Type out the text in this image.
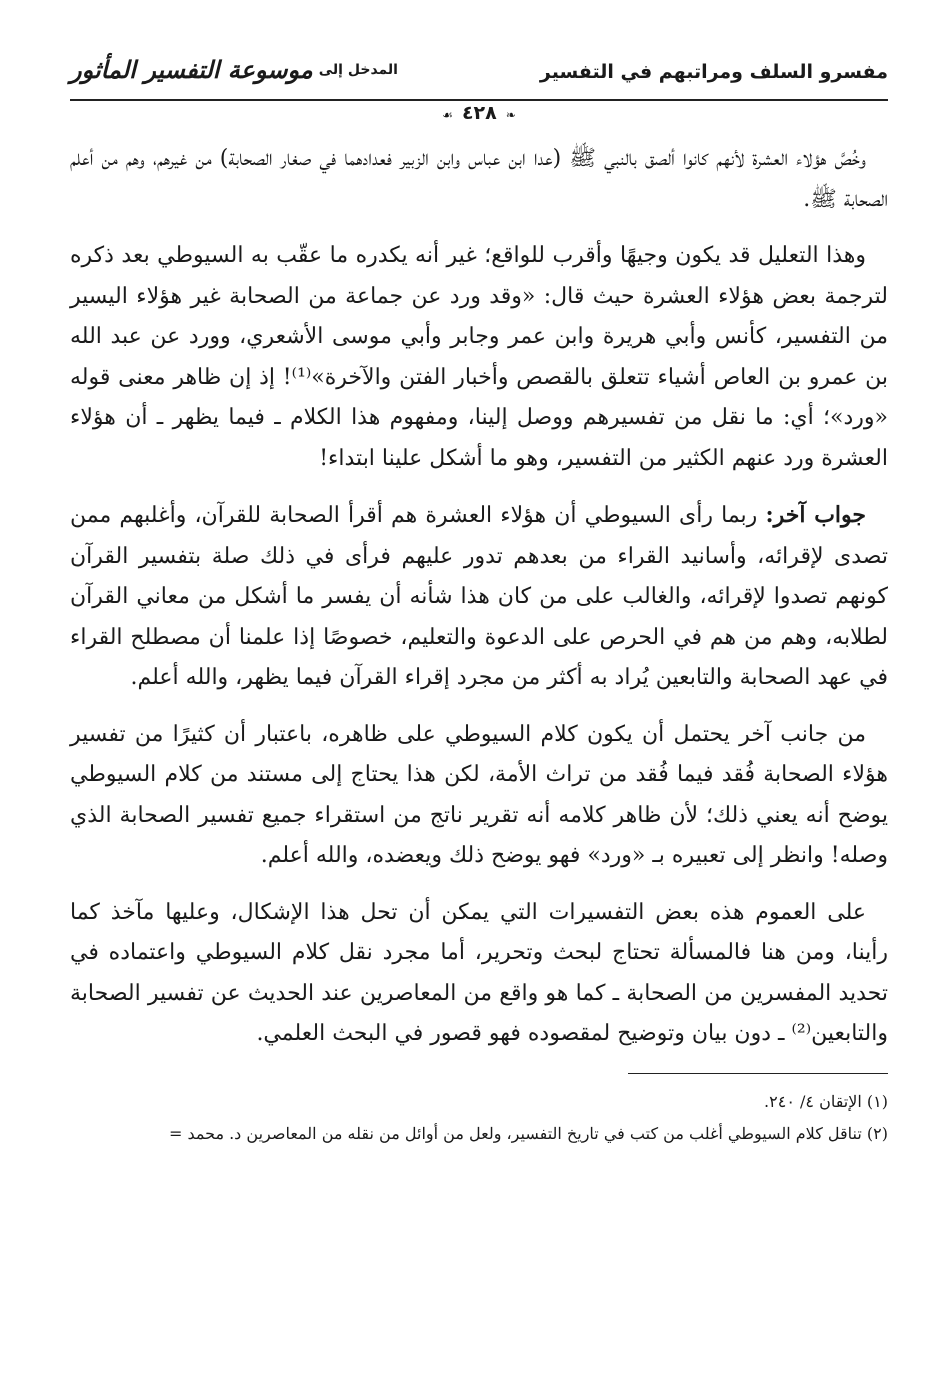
مفسرو السلف ومراتبهم في التفسير
المدخل إلى
موسوعة التفسير المأثور
❧ ٤٢٨ ☙

وخُصَّ هؤلاء العشرة لأنهم كانوا ألصق بالنبي ﷺ (عدا ابن عباس وابن الزبير فعدادهما في صغار الصحابة) من غيرهم، وهم من أعلم الصحابة ﷺ.

وهذا التعليل قد يكون وجيهًا وأقرب للواقع؛ غير أنه يكدره ما عقّب به السيوطي بعد ذكره لترجمة بعض هؤلاء العشرة حيث قال: «وقد ورد عن جماعة من الصحابة غير هؤلاء اليسير من التفسير، كأنس وأبي هريرة وابن عمر وجابر وأبي موسى الأشعري، وورد عن عبد الله بن عمرو بن العاص أشياء تتعلق بالقصص وأخبار الفتن والآخرة»⁽¹⁾! إذ إن ظاهر معنى قوله «ورد»؛ أي: ما نقل من تفسيرهم ووصل إلينا، ومفهوم هذا الكلام ـ فيما يظهر ـ أن هؤلاء العشرة ورد عنهم الكثير من التفسير، وهو ما أشكل علينا ابتداء!

جواب آخر: ربما رأى السيوطي أن هؤلاء العشرة هم أقرأ الصحابة للقرآن، وأغلبهم ممن تصدى لإقرائه، وأسانيد القراء من بعدهم تدور عليهم فرأى في ذلك صلة بتفسير القرآن كونهم تصدوا لإقرائه، والغالب على من كان هذا شأنه أن يفسر ما أشكل من معاني القرآن لطلابه، وهم من هم في الحرص على الدعوة والتعليم، خصوصًا إذا علمنا أن مصطلح القراء في عهد الصحابة والتابعين يُراد به أكثر من مجرد إقراء القرآن فيما يظهر، والله أعلم.

من جانب آخر يحتمل أن يكون كلام السيوطي على ظاهره، باعتبار أن كثيرًا من تفسير هؤلاء الصحابة فُقد فيما فُقد من تراث الأمة، لكن هذا يحتاج إلى مستند من كلام السيوطي يوضح أنه يعني ذلك؛ لأن ظاهر كلامه أنه تقرير ناتج من استقراء جميع تفسير الصحابة الذي وصله! وانظر إلى تعبيره بـ «ورد» فهو يوضح ذلك ويعضده، والله أعلم.

على العموم هذه بعض التفسيرات التي يمكن أن تحل هذا الإشكال، وعليها مآخذ كما رأينا، ومن هنا فالمسألة تحتاج لبحث وتحرير، أما مجرد نقل كلام السيوطي واعتماده في تحديد المفسرين من الصحابة ـ كما هو واقع من المعاصرين عند الحديث عن تفسير الصحابة والتابعين⁽²⁾ ـ دون بيان وتوضيح لمقصوده فهو قصور في البحث العلمي.

(١) الإتقان ٤/ ٢٤٠.

(٢) تناقل كلام السيوطي أغلب من كتب في تاريخ التفسير، ولعل من أوائل من نقله من المعاصرين د. محمد =
